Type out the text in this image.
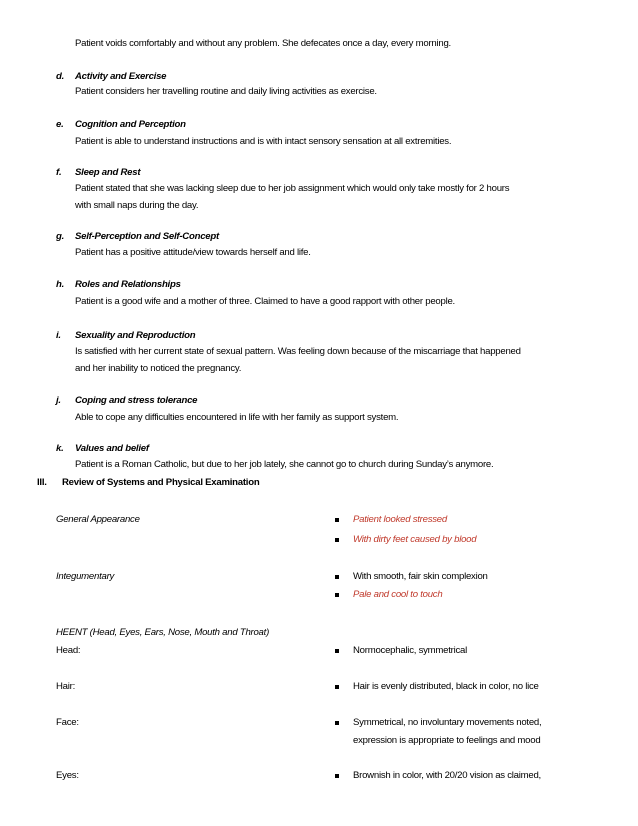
Patient voids comfortably and without any problem. She defecates once a day, every morning.
d. Activity and Exercise
Patient considers her travelling routine and daily living activities as exercise.
e. Cognition and Perception
Patient is able to understand instructions and is with intact sensory sensation at all extremities.
f. Sleep and Rest
Patient stated that she was lacking sleep due to her job assignment which would only take mostly for 2 hours
with small naps during the day.
g. Self-Perception and Self-Concept
Patient has a positive attitude/view towards herself and life.
h. Roles and Relationships
Patient is a good wife and a mother of three. Claimed to have a good rapport with other people.
i. Sexuality and Reproduction
Is satisfied with her current state of sexual pattern. Was feeling down because of the miscarriage that happened
and her inability to noticed the pregnancy.
j. Coping and stress tolerance
Able to cope any difficulties encountered in life with her family as support system.
k. Values and belief
Patient is a Roman Catholic, but due to her job lately, she cannot go to church during Sunday’s anymore.
III. Review of Systems and Physical Examination
General Appearance	Patient looked stressed
With dirty feet caused by blood
Integumentary	With smooth, fair skin complexion
Pale and cool to touch
HEENT (Head, Eyes, Ears, Nose, Mouth and Throat)
Head:	Normocephalic, symmetrical
Hair:	Hair is evenly distributed, black in color, no lice
Face:	Symmetrical, no involuntary movements noted,
expression is appropriate to feelings and mood
Eyes:	Brownish in color, with 20/20 vision as claimed,
